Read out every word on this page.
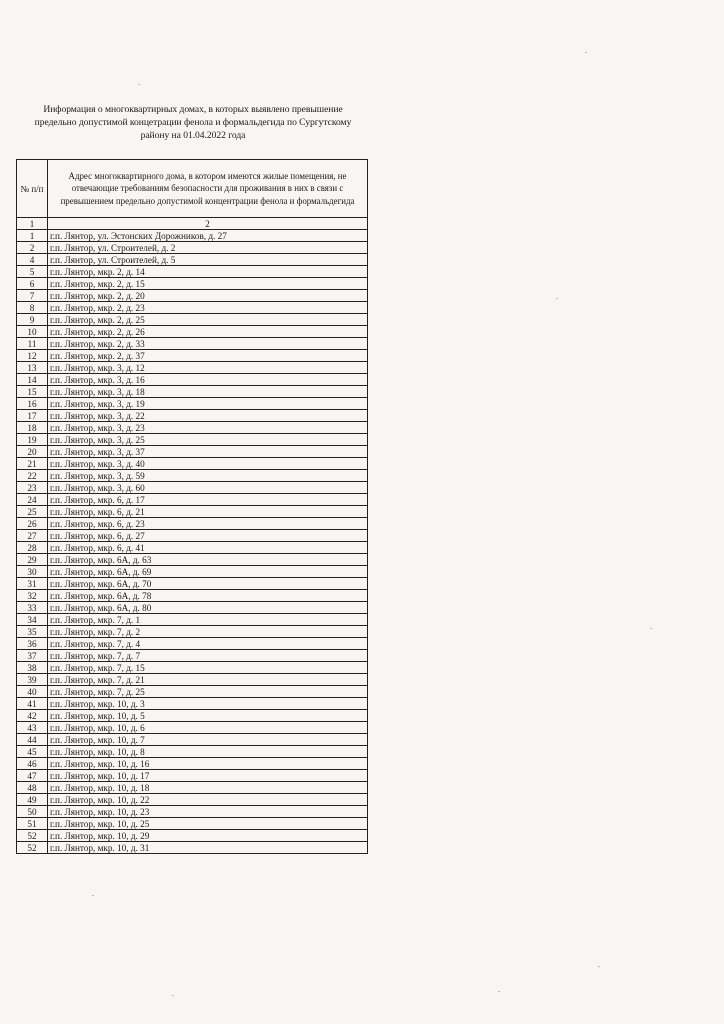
Информация о многоквартирных домах, в которых выявлено превышение
предельно допустимой концетрации фенола и формальдегида по Сургутскому
району на 01.04.2022 года
№ п/п	Адрес многоквартирного дома, в котором имеются жилые помещения, не отвечающие требованиям безопасности для проживания в них в связи с превышением предельно допустимой концентрации фенола и формальдегида
1	2
1	г.п. Лянтор, ул. Эстонских Дорожников, д. 27
2	г.п. Лянтор, ул. Строителей, д. 2
4	г.п. Лянтор, ул. Строителей, д. 5
5	г.п. Лянтор, мкр. 2, д. 14
6	г.п. Лянтор, мкр. 2, д. 15
7	г.п. Лянтор, мкр. 2, д. 20
8	г.п. Лянтор, мкр. 2, д. 23
9	г.п. Лянтор, мкр. 2, д. 25
10	г.п. Лянтор, мкр. 2, д. 26
11	г.п. Лянтор, мкр. 2, д. 33
12	г.п. Лянтор, мкр. 2, д. 37
13	г.п. Лянтор, мкр. 3, д. 12
14	г.п. Лянтор, мкр. 3, д. 16
15	г.п. Лянтор, мкр. 3, д. 18
16	г.п. Лянтор, мкр. 3, д. 19
17	г.п. Лянтор, мкр. 3, д. 22
18	г.п. Лянтор, мкр. 3, д. 23
19	г.п. Лянтор, мкр. 3, д. 25
20	г.п. Лянтор, мкр. 3, д. 37
21	г.п. Лянтор, мкр. 3, д. 40
22	г.п. Лянтор, мкр. 3, д. 59
23	г.п. Лянтор, мкр. 3, д. 60
24	г.п. Лянтор, мкр. 6, д. 17
25	г.п. Лянтор, мкр. 6, д. 21
26	г.п. Лянтор, мкр. 6, д. 23
27	г.п. Лянтор, мкр. 6, д. 27
28	г.п. Лянтор, мкр. 6, д. 41
29	г.п. Лянтор, мкр. 6А, д. 63
30	г.п. Лянтор, мкр. 6А, д. 69
31	г.п. Лянтор, мкр. 6А, д. 70
32	г.п. Лянтор, мкр. 6А, д. 78
33	г.п. Лянтор, мкр. 6А, д. 80
34	г.п. Лянтор, мкр. 7, д. 1
35	г.п. Лянтор, мкр. 7, д. 2
36	г.п. Лянтор, мкр. 7, д. 4
37	г.п. Лянтор, мкр. 7, д. 7
38	г.п. Лянтор, мкр. 7, д. 15
39	г.п. Лянтор, мкр. 7, д. 21
40	г.п. Лянтор, мкр. 7, д. 25
41	г.п. Лянтор, мкр. 10, д. 3
42	г.п. Лянтор, мкр. 10, д. 5
43	г.п. Лянтор, мкр. 10, д. 6
44	г.п. Лянтор, мкр. 10, д. 7
45	г.п. Лянтор, мкр. 10, д. 8
46	г.п. Лянтор, мкр. 10, д. 16
47	г.п. Лянтор, мкр. 10, д. 17
48	г.п. Лянтор, мкр. 10, д. 18
49	г.п. Лянтор, мкр. 10, д. 22
50	г.п. Лянтор, мкр. 10, д. 23
51	г.п. Лянтор, мкр. 10, д. 25
52	г.п. Лянтор, мкр. 10, д. 29
52	г.п. Лянтор, мкр. 10, д. 31
